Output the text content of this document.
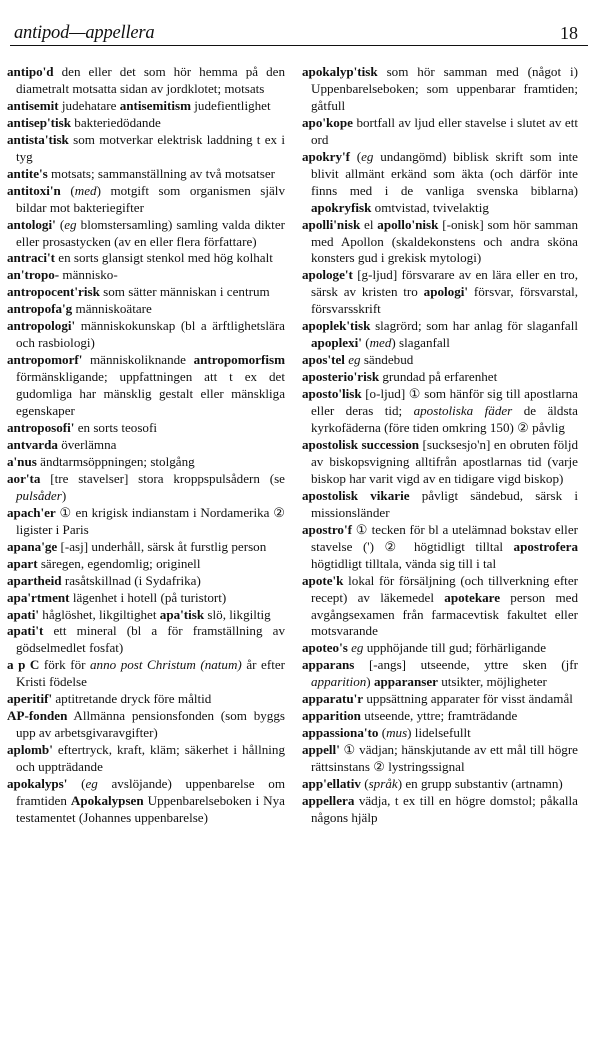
antipod—appellera	18

antipo'd den eller det som hör hemma på den diametralt motsatta sidan av jordklotet; motsats

antisemit judehatare antisemitism judefientlighet

antisep'tisk bakteriedödande

antista'tisk som motverkar elektrisk laddning t ex i tyg

antite's motsats; sammanställning av två motsatser

antitoxi'n (med) motgift som organismen själv bildar mot bakteriegifter

antologi' (eg blomstersamling) samling valda dikter eller prosastycken (av en eller flera författare)

antraci't en sorts glansigt stenkol med hög kolhalt

an'tropo- människo-

antropocent'risk som sätter människan i centrum

antropofa'g människoätare

antropologi' människokunskap (bl a ärftlighetslära och rasbiologi)

antropomorf' människoliknande antropomorfism förmänskligande; uppfattningen att t ex det gudomliga har mänsklig gestalt eller mänskliga egenskaper

antroposofi' en sorts teosofi

antvarda överlämna

a'nus ändtarmsöppningen; stolgång

aor'ta [tre stavelser] stora kroppspulsådern (se pulsåder)

apach'er ① en krigisk indianstam i Nordamerika ② ligister i Paris

apana'ge [-asj] underhåll, särsk åt furstlig person

apart säregen, egendomlig; originell

apartheid rasåtskillnad (i Sydafrika)

apa'rtment lägenhet i hotell (på turistort)

apati' håglöshet, likgiltighet apa'tisk slö, likgiltig

apati't ett mineral (bl a för framställning av gödselmedlet fosfat)

a p C förk för anno post Christum (natum) år efter Kristi födelse

aperitif' aptitretande dryck före måltid

AP-fonden Allmänna pensionsfonden (som byggs upp av arbetsgivaravgifter)

aplomb' eftertryck, kraft, kläm; säkerhet i hållning och uppträdande

apokalyps' (eg avslöjande) uppenbarelse om framtiden Apokalypsen Uppenbarelseboken i Nya testamentet (Johannes uppenbarelse)

apokalyp'tisk som hör samman med (något i) Uppenbarelseboken; som uppenbarar framtiden; gåtfull

apo'kope bortfall av ljud eller stavelse i slutet av ett ord

apokry'f (eg undangömd) biblisk skrift som inte blivit allmänt erkänd som äkta (och därför inte finns med i de vanliga svenska biblarna) apokryfisk omtvistad, tvivelaktig

apolli'nisk el apollo'nisk [-onisk] som hör samman med Apollon (skaldekonstens och andra sköna konsters gud i grekisk mytologi)

apologe't [g-ljud] försvarare av en lära eller en tro, särsk av kristen tro apologi' försvar, försvarstal, försvarsskrift

apoplek'tisk slagrörd; som har anlag för slaganfall apoplexi' (med) slaganfall

apos'tel eg sändebud

aposterio'risk grundad på erfarenhet

aposto'lisk [o-ljud] ① som hänför sig till apostlarna eller deras tid; apostoliska fäder de äldsta kyrkofäderna (före tiden omkring 150) ② påvlig

apostolisk succession [sucksesjo'n] en obruten följd av biskopsvigning alltifrån apostlarnas tid (varje biskop har varit vigd av en tidigare vigd biskop)

apostolisk vikarie påvligt sändebud, särsk i missionsländer

apostro'f ① tecken för bl a utelämnad bokstav eller stavelse (') ② högtidligt tilltal apostrofera högtidligt tilltala, vända sig till i tal

apote'k lokal för försäljning (och tillverkning efter recept) av läkemedel apotekare person med avgångsexamen från farmacevtisk fakultet eller motsvarande

apoteo's eg upphöjande till gud; förhärligande

apparans [-angs] utseende, yttre sken (jfr apparition) apparanser utsikter, möjligheter

apparatu'r uppsättning apparater för visst ändamål

apparition utseende, yttre; framträdande

appassiona'to (mus) lidelsefullt

appell' ① vädjan; hänskjutande av ett mål till högre rättsinstans ② lystringssignal

app'ellativ (språk) en grupp substantiv (artnamn)

appellera vädja, t ex till en högre domstol; påkalla någons hjälp
